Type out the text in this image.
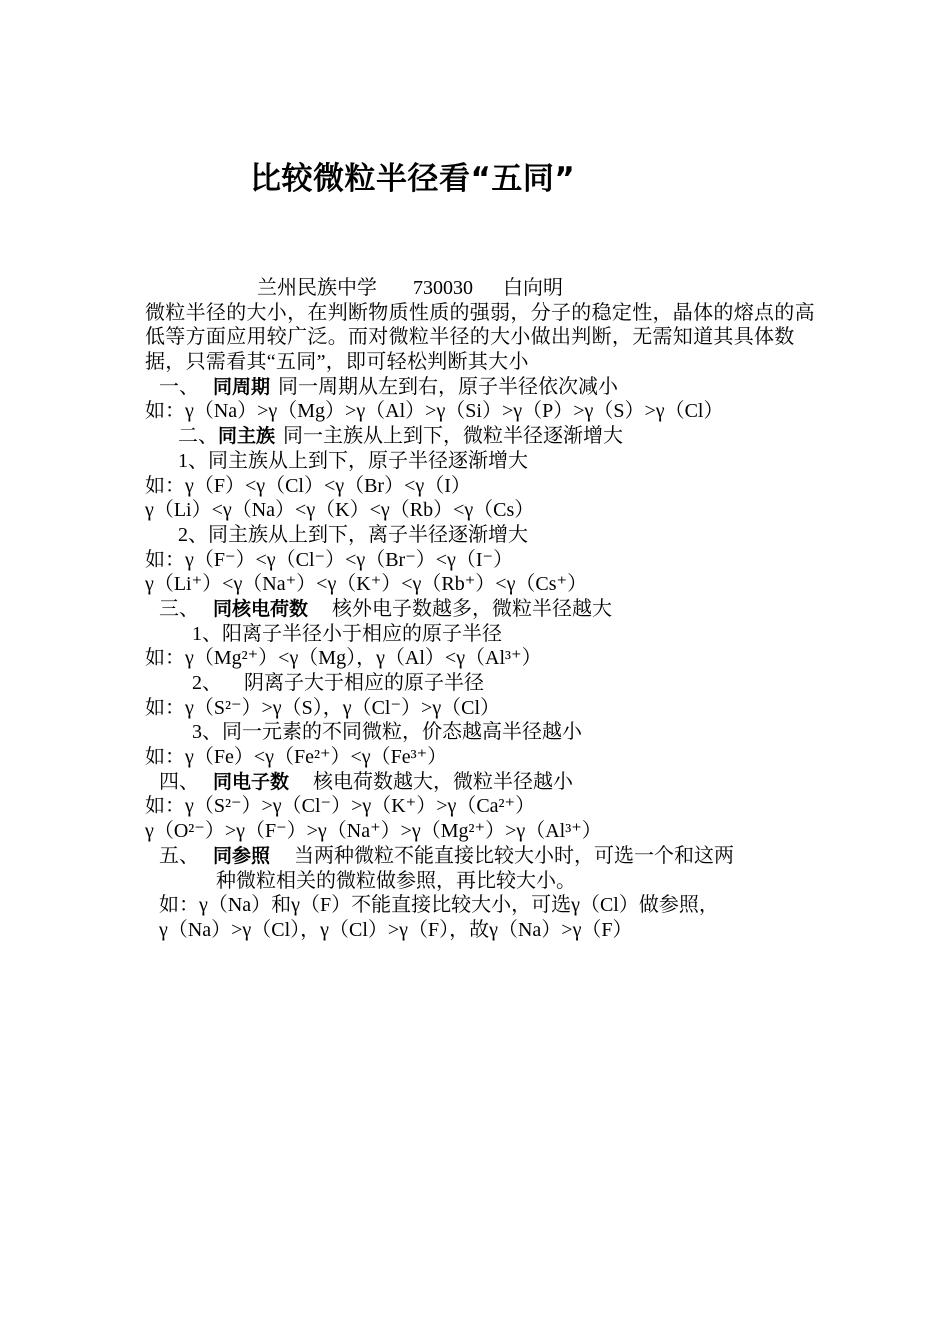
比较微粒半径看“五同”
兰州民族中学 730030 白向明
微粒半径的大小，在判断物质性质的强弱，分子的稳定性，晶体的熔点的高低等方面应用较广泛。而对微粒半径的大小做出判断，无需知道其具体数据，只需看其“五同”，即可轻松判断其大小
一、 同周期 同一周期从左到右，原子半径依次减小
如：γ（Na）>γ（Mg）>γ（Al）>γ（Si）>γ（P）>γ（S）>γ（Cl）
二、同主族 同一主族从上到下，微粒半径逐渐增大
1、同主族从上到下，原子半径逐渐增大
如：γ（F）<γ（Cl）<γ（Br）<γ（I）
γ（Li）<γ（Na）<γ（K）<γ（Rb）<γ（Cs）
2、同主族从上到下，离子半径逐渐增大
如：γ（F⁻）<γ（Cl⁻）<γ（Br⁻）<γ（I⁻）
γ（Li⁺）<γ（Na⁺）<γ（K⁺）<γ（Rb⁺）<γ（Cs⁺）
三、 同核电荷数 核外电子数越多，微粒半径越大
1、阳离子半径小于相应的原子半径
如：γ（Mg²⁺）<γ（Mg），γ（Al）<γ（Al³⁺）
2、 阴离子大于相应的原子半径
如：γ（S²⁻）>γ（S），γ（Cl⁻）>γ（Cl）
3、同一元素的不同微粒，价态越高半径越小
如：γ（Fe）<γ（Fe²⁺）<γ（Fe³⁺）
四、 同电子数 核电荷数越大，微粒半径越小
如：γ（S²⁻）>γ（Cl⁻）>γ（K⁺）>γ（Ca²⁺）
γ（O²⁻）>γ（F⁻）>γ（Na⁺）>γ（Mg²⁺）>γ（Al³⁺）
五、 同参照 当两种微粒不能直接比较大小时，可选一个和这两
种微粒相关的微粒做参照，再比较大小。
如：γ（Na）和γ（F）不能直接比较大小，可选γ（Cl）做参照，
γ（Na）>γ（Cl），γ（Cl）>γ（F），故γ（Na）>γ（F）
